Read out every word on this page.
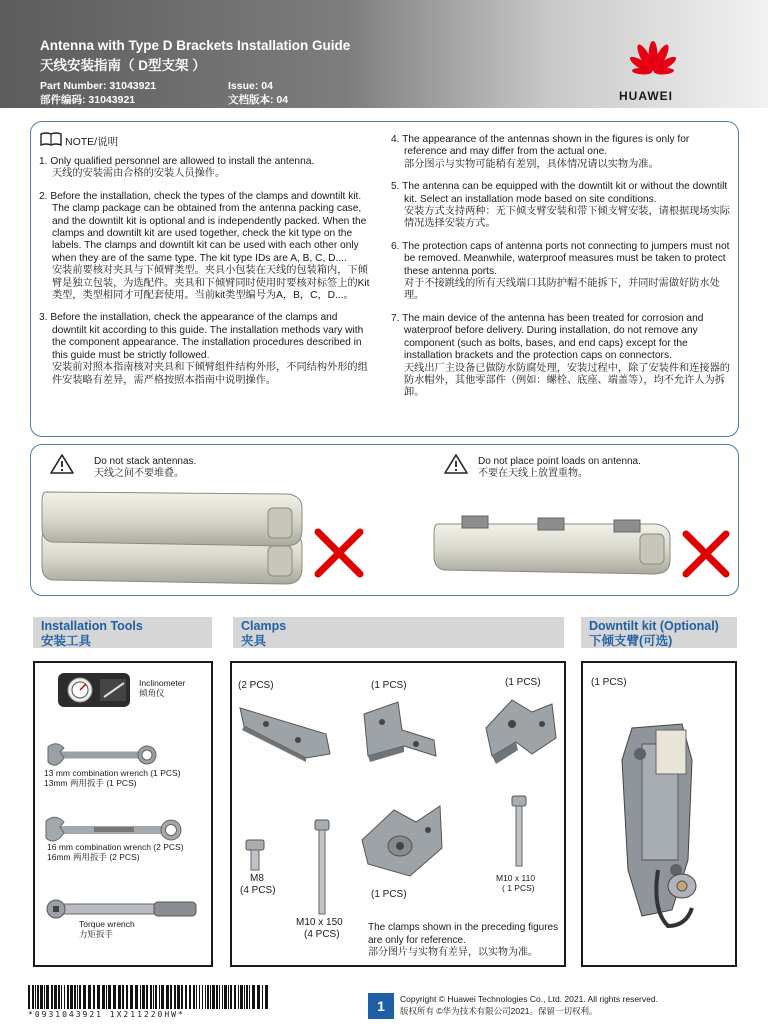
Antenna with Type D Brackets Installation Guide
天线安装指南（ D型支架 ）
Part Number: 31043921
部件编码: 31043921
Issue: 04
文档版本: 04	HUAWEI
NOTE/说明

1. Only qualified personnel are allowed to install the antenna.
天线的安装需由合格的安装人员操作。

2. Before the installation, check the types of the clamps and downtilt kit. The clamp package can be obtained from the antenna packing case, and the downtilt kit is optional and is independently packed. When the clamps and downtilt kit are used together, check the kit type on the labels. The clamps and downtilt kit can be used with each other only when they are of the same type. The kit type IDs are A, B, C, D....
安装前要核对夹具与下倾臂类型。夹具小包装在天线的包装箱内，下倾臂是独立包装，为选配件。夹具和下倾臂同时使用时要核对标签上的Kit类型，类型相同才可配套使用。当前kit类型编号为A，B，C，D...。

3. Before the installation, check the appearance of the clamps and downtilt kit according to this guide. The installation methods vary with the component appearance. The installation procedures described in this guide must be strictly followed.
安装前对照本指南核对夹具和下倾臂组件结构外形，不同结构外形的组件安装略有差异，需严格按照本指南中说明操作。

4. The appearance of the antennas shown in the figures is only for reference and may differ from the actual one.
部分图示与实物可能稍有差别，具体情况请以实物为准。

5. The antenna can be equipped with the downtilt kit or without the downtilt kit. Select an installation mode based on site conditions.
安装方式支持两种：无下倾支臂安装和带下倾支臂安装，请根据现场实际情况选择安装方式。

6. The protection caps of antenna ports not connecting to jumpers must not be removed. Meanwhile, waterproof measures must be taken to protect these antenna ports.
对于不接跳线的所有天线端口其防护帽不能拆下，并同时需做好防水处理。

7. The main device of the antenna has been treated for corrosion and waterproof before delivery. During installation, do not remove any component (such as bolts, bases, and end caps) except for the installation brackets and the protection caps on connectors.
天线出厂主设备已做防水防腐处理，安装过程中，除了安装件和连接器的防水帽外，其他零部件（例如：螺栓、底座、端盖等），均不允许人为拆卸。

Do not stack antennas.
天线之间不要堆叠。
Do not place point loads on antenna.
不要在天线上放置重物。
Installation Tools
安装工具
Clamps
夹具
Downtilt kit (Optional)
下倾支臂(可选)
Inclinometer
倾角仪
13 mm combination wrench (1 PCS)
13mm 两用扳手 (1 PCS)
16 mm combination wrench (2 PCS)
16mm 两用扳手 (2 PCS)
Torque wrench
力矩扳手
(2 PCS)	(1 PCS)	(1 PCS)
M8
(4 PCS)
M10 x 150
(4 PCS)
(1 PCS)
M10 x 110
( 1 PCS)
The clamps shown in the preceding figures are only for reference.
部分图片与实物有差异，以实物为准。
(1 PCS)
*0931043921 1X211220HW*
1	Copyright © Huawei Technologies Co., Ltd. 2021. All rights reserved.
版权所有 ©华为技术有限公司2021。保留一切权利。
